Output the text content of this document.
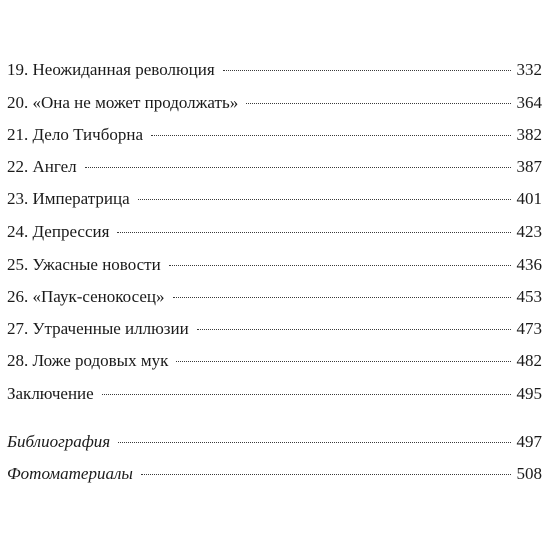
19. Неожиданная революция	332
20. «Она не может продолжать»	364
21. Дело Тичборна	382
22. Ангел	387
23. Императрица	401
24. Депрессия	423
25. Ужасные новости	436
26. «Паук-сенокосец»	453
27. Утраченные иллюзии	473
28. Ложе родовых мук	482
Заключение	495
Библиография	497
Фотоматериалы	508
